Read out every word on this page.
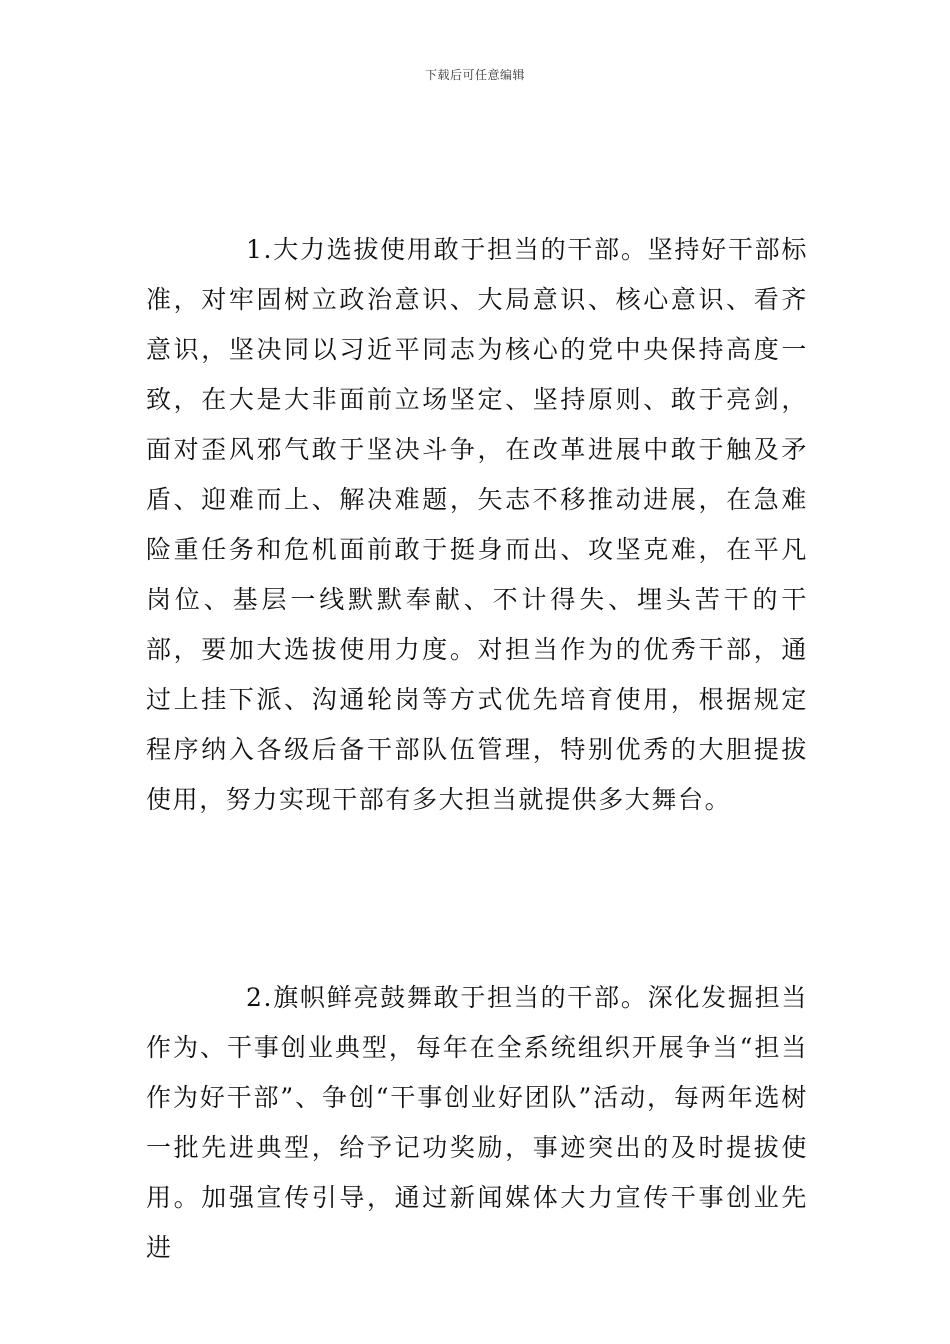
下载后可任意编辑

1.大力选拔使用敢于担当的干部。坚持好干部标准，对牢固树立政治意识、大局意识、核心意识、看齐意识，坚决同以习近平同志为核心的党中央保持高度一致，在大是大非面前立场坚定、坚持原则、敢于亮剑，面对歪风邪气敢于坚决斗争，在改革进展中敢于触及矛盾、迎难而上、解决难题，矢志不移推动进展，在急难险重任务和危机面前敢于挺身而出、攻坚克难，在平凡岗位、基层一线默默奉献、不计得失、埋头苦干的干部，要加大选拔使用力度。对担当作为的优秀干部，通过上挂下派、沟通轮岗等方式优先培育使用，根据规定程序纳入各级后备干部队伍管理，特别优秀的大胆提拔使用，努力实现干部有多大担当就提供多大舞台。

2.旗帜鲜亮鼓舞敢于担当的干部。深化发掘担当作为、干事创业典型，每年在全系统组织开展争当“担当作为好干部”、争创“干事创业好团队”活动，每两年选树一批先进典型，给予记功奖励，事迹突出的及时提拔使用。加强宣传引导，通过新闻媒体大力宣传干事创业先进
